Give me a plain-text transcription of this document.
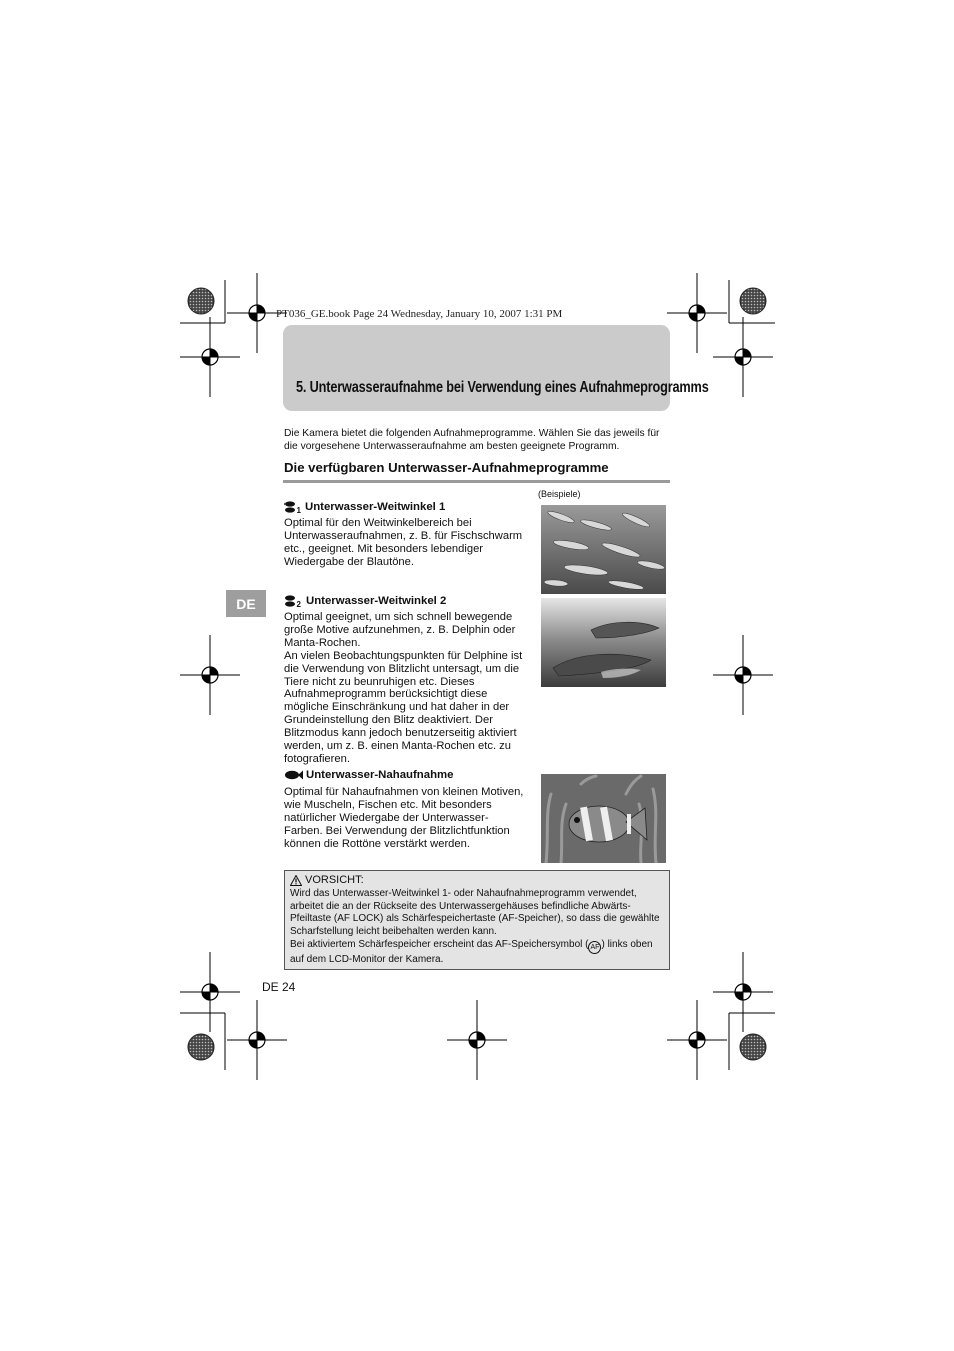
PT036_GE.book Page 24 Wednesday, January 10, 2007 1:31 PM
5. Unterwasseraufnahme bei Verwendung eines Aufnahmeprogramms
Die Kamera bietet die folgenden Aufnahmeprogramme. Wählen Sie das jeweils für die vorgesehene Unterwasseraufnahme am besten geeignete Programm.
Die verfügbaren Unterwasser-Aufnahmeprogramme
(Beispiele)
DE
1 Unterwasser-Weitwinkel 1
Optimal für den Weitwinkelbereich bei Unterwasseraufnahmen, z. B. für Fischschwarm etc., geeignet. Mit besonders lebendiger Wiedergabe der Blautöne.
2 Unterwasser-Weitwinkel 2
Optimal geeignet, um sich schnell bewegende große Motive aufzunehmen, z. B. Delphin oder Manta-Rochen.
An vielen Beobachtungspunkten für Delphine ist die Verwendung von Blitzlicht untersagt, um die Tiere nicht zu beunruhigen etc. Dieses Aufnahmeprogramm berücksichtigt diese mögliche Einschränkung und hat daher in der Grundeinstellung den Blitz deaktiviert. Der Blitzmodus kann jedoch benutzerseitig aktiviert werden, um z. B. einen Manta-Rochen etc. zu fotografieren.
Unterwasser-Nahaufnahme
Optimal für Nahaufnahmen von kleinen Motiven, wie Muscheln, Fischen etc. Mit besonders natürlicher Wiedergabe der Unterwasser-Farben. Bei Verwendung der Blitzlichtfunktion können die Rottöne verstärkt werden.
VORSICHT:
Wird das Unterwasser-Weitwinkel 1- oder Nahaufnahmeprogramm verwendet, arbeitet die an der Rückseite des Unterwassergehäuses befindliche Abwärts-Pfeiltaste (AF LOCK) als Schärfespeichertaste (AF-Speicher), so dass die gewählte Scharfstellung leicht beibehalten werden kann.
Bei aktiviertem Schärfespeicher erscheint das AF-Speichersymbol ( AF ) links oben auf dem LCD-Monitor der Kamera.
DE 24
